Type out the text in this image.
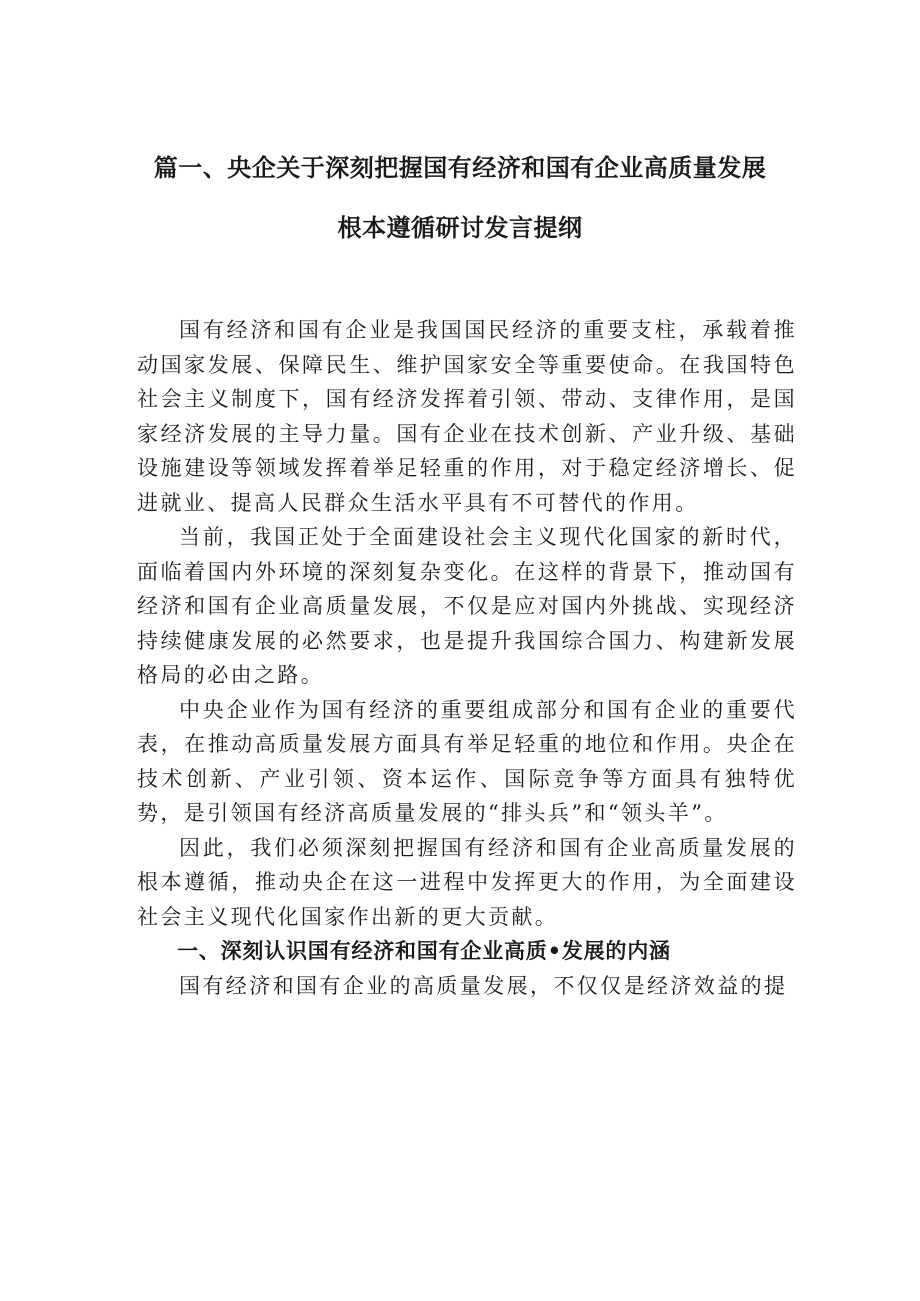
篇一、央企关于深刻把握国有经济和国有企业高质量发展
根本遵循研讨发言提纲

国有经济和国有企业是我国国民经济的重要支柱，承载着推动国家发展、保障民生、维护国家安全等重要使命。在我国特色社会主义制度下，国有经济发挥着引领、带动、支律作用，是国家经济发展的主导力量。国有企业在技术创新、产业升级、基础设施建设等领域发挥着举足轻重的作用，对于稳定经济增长、促进就业、提高人民群众生活水平具有不可替代的作用。

当前，我国正处于全面建设社会主义现代化国家的新时代，面临着国内外环境的深刻复杂变化。在这样的背景下，推动国有经济和国有企业高质量发展，不仅是应对国内外挑战、实现经济持续健康发展的必然要求，也是提升我国综合国力、构建新发展格局的必由之路。

中央企业作为国有经济的重要组成部分和国有企业的重要代表，在推动高质量发展方面具有举足轻重的地位和作用。央企在技术创新、产业引领、资本运作、国际竞争等方面具有独特优势，是引领国有经济高质量发展的“排头兵”和“领头羊”。

因此，我们必须深刻把握国有经济和国有企业高质量发展的根本遵循，推动央企在这一进程中发挥更大的作用，为全面建设社会主义现代化国家作出新的更大贡献。

一、深刻认识国有经济和国有企业高质•发展的内涵

国有经济和国有企业的高质量发展，不仅仅是经济效益的提
